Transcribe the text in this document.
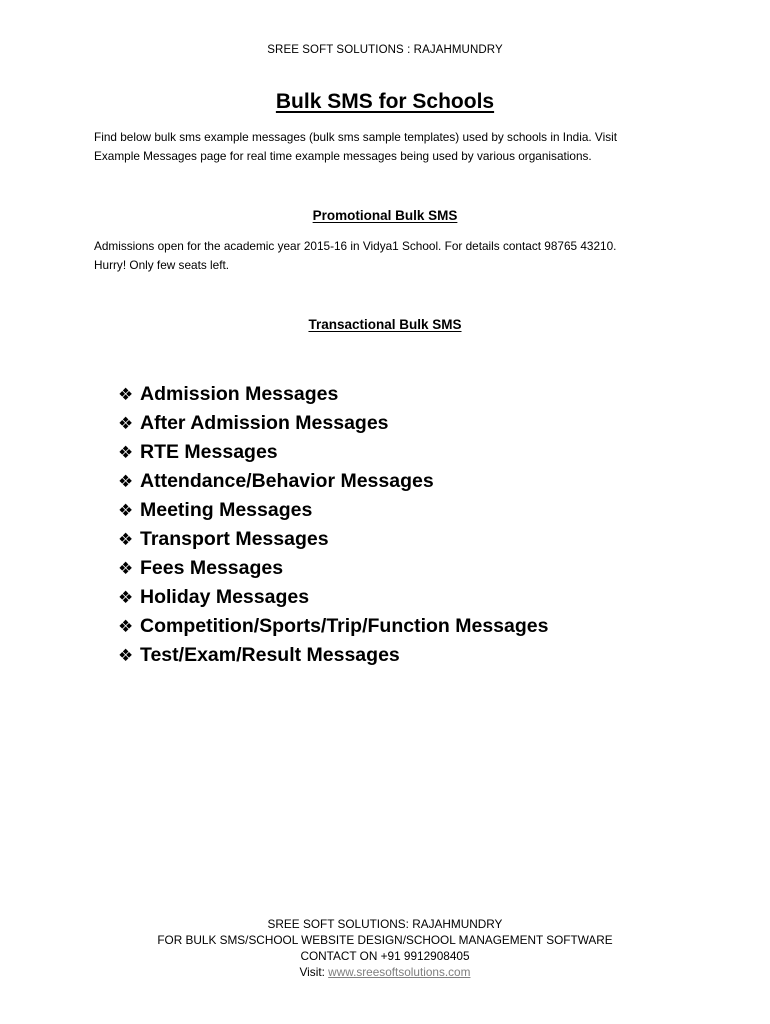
SREE SOFT SOLUTIONS : RAJAHMUNDRY
Bulk SMS for Schools
Find below bulk sms example messages (bulk sms sample templates) used by schools in India. Visit
Example Messages page for real time example messages being used by various organisations.
Promotional Bulk SMS
Admissions open for the academic year 2015-16 in Vidya1 School. For details contact 98765 43210.
Hurry! Only few seats left.
Transactional Bulk SMS
❖ Admission Messages
❖ After Admission Messages
❖ RTE Messages
❖ Attendance/Behavior Messages
❖ Meeting Messages
❖ Transport Messages
❖ Fees Messages
❖ Holiday Messages
❖ Competition/Sports/Trip/Function Messages
❖ Test/Exam/Result Messages
SREE SOFT SOLUTIONS: RAJAHMUNDRY
FOR BULK SMS/SCHOOL WEBSITE DESIGN/SCHOOL MANAGEMENT SOFTWARE
CONTACT ON +91 9912908405
Visit: www.sreesoftsolutions.com
